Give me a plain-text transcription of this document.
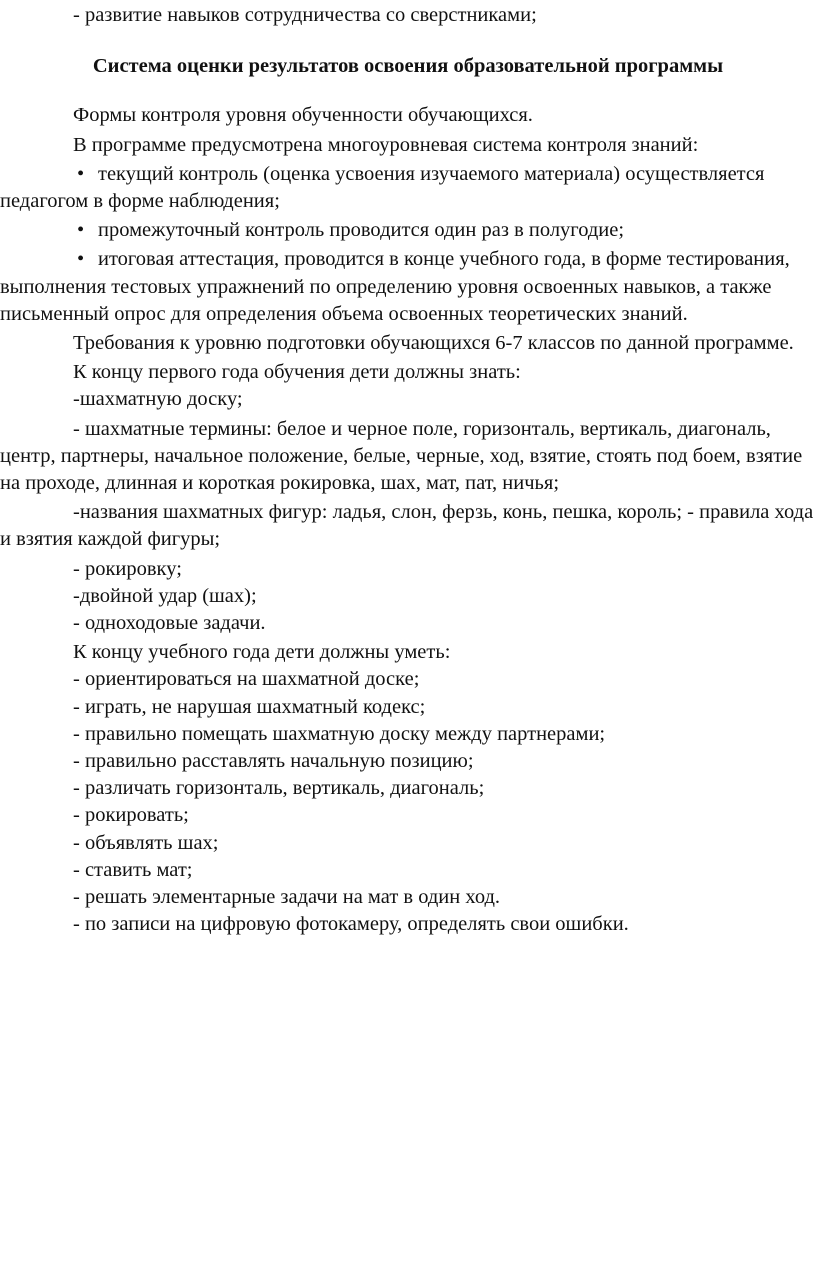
- развитие навыков сотрудничества со сверстниками;

Система оценки результатов освоения образовательной программы

Формы контроля уровня обученности обучающихся.

В программе предусмотрена многоуровневая система контроля знаний:

• текущий контроль (оценка усвоения изучаемого материала) осуществляется педагогом в форме наблюдения;

• промежуточный контроль проводится один раз в полугодие;

• итоговая аттестация, проводится в конце учебного года, в форме тестирования, выполнения тестовых упражнений по определению уровня освоенных навыков, а также письменный опрос для определения объема освоенных теоретических знаний.

Требования к уровню подготовки обучающихся 6-7 классов по данной программе.

К концу первого года обучения дети должны знать:

-шахматную доску;

- шахматные термины: белое и черное поле, горизонталь, вертикаль, диагональ, центр, партнеры, начальное положение, белые, черные, ход, взятие, стоять под боем, взятие на проходе, длинная и короткая рокировка, шах, мат, пат, ничья;

-названия шахматных фигур: ладья, слон, ферзь, конь, пешка, король; - правила хода и взятия каждой фигуры;

- рокировку;

-двойной удар (шах);

- одноходовые задачи.

К концу учебного года дети должны уметь:

- ориентироваться на шахматной доске;

- играть, не нарушая шахматный кодекс;

- правильно помещать шахматную доску между партнерами;

- правильно расставлять начальную позицию;

- различать горизонталь, вертикаль, диагональ;

- рокировать;

- объявлять шах;

- ставить мат;

- решать элементарные задачи на мат в один ход.

- по записи на цифровую фотокамеру, определять свои ошибки.
